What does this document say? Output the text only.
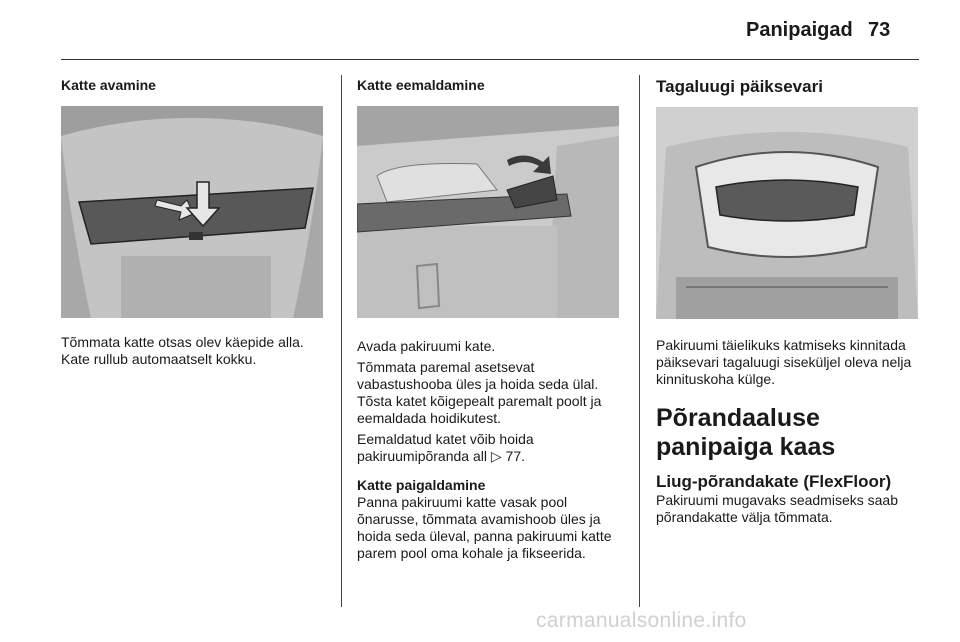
Panipaigad 73

Katte avamine

Tõmmata katte otsas olev käepide alla. Kate rullub automaatselt kokku.

Katte eemaldamine

Avada pakiruumi kate.

Tõmmata paremal asetsevat vabastushooba üles ja hoida seda ülal. Tõsta katet kõigepealt paremalt poolt ja eemaldada hoidikutest.

Eemaldatud katet võib hoida pakiruumipõranda all ▷ 77.

Katte paigaldamine

Panna pakiruumi katte vasak pool õnarusse, tõmmata avamishoob üles ja hoida seda üleval, panna pakiruumi katte parem pool oma kohale ja fikseerida.

Tagaluugi päiksevari

Pakiruumi täielikuks katmiseks kinnitada päiksevari tagaluugi siseküljel oleva nelja kinnituskoha külge.

Põrandaaluse panipaiga kaas

Liug-põrandakate (FlexFloor)

Pakiruumi mugavaks seadmiseks saab põrandakatte välja tõmmata.

carmanualsonline.info
